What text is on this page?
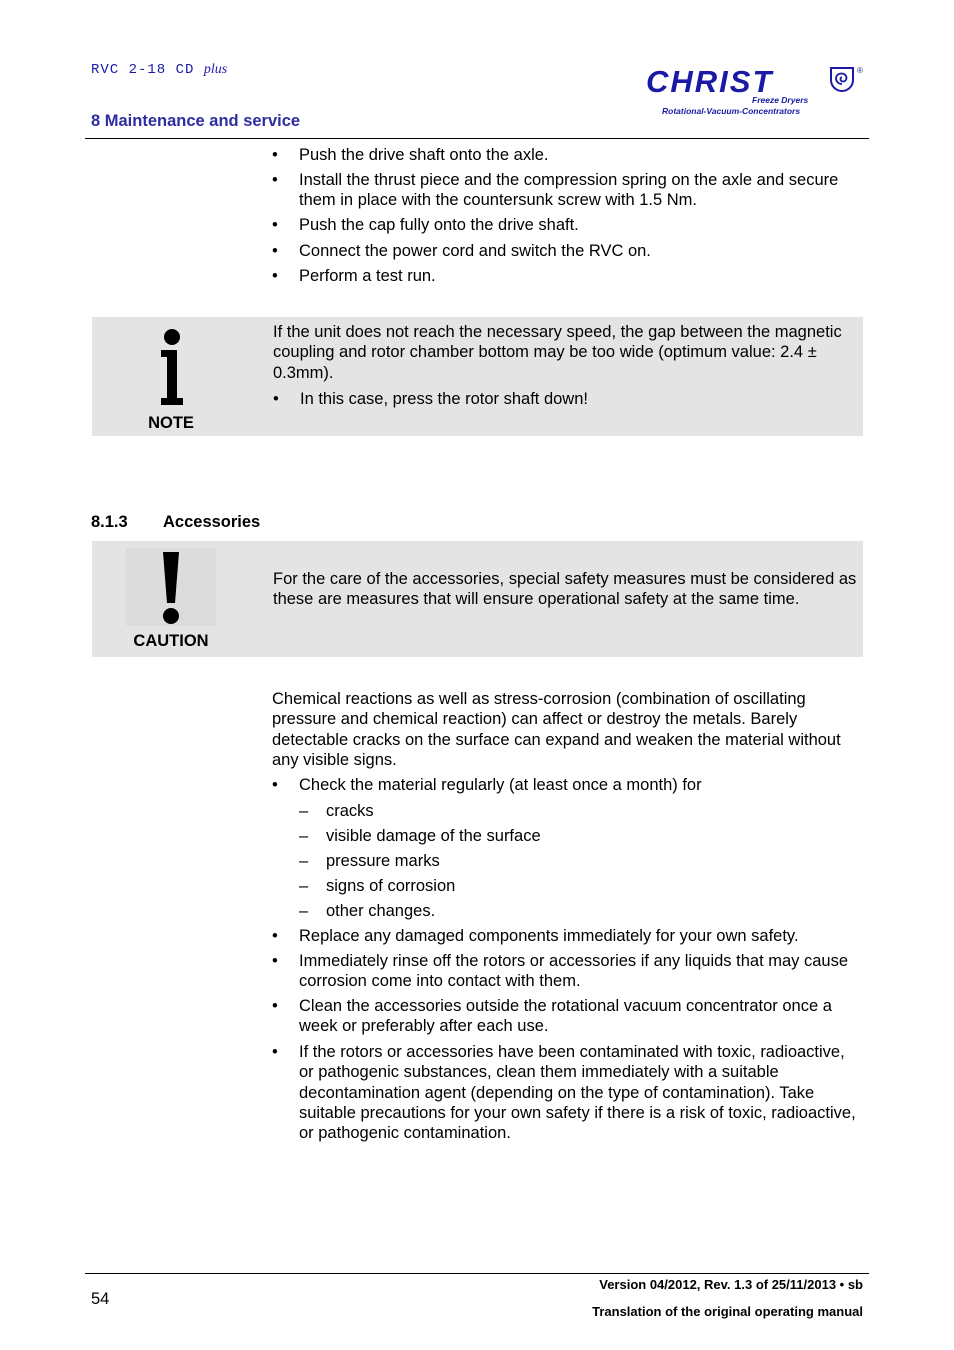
RVC 2-18 CD plus
8 Maintenance and service
CHRIST	®
Freeze Dryers
Rotational-Vacuum-Concentrators
• Push the drive shaft onto the axle.
• Install the thrust piece and the compression spring on the axle and secure them in place with the countersunk screw with 1.5 Nm.
• Push the cap fully onto the drive shaft.
• Connect the power cord and switch the RVC on.
• Perform a test run.
NOTE
If the unit does not reach the necessary speed, the gap between the magnetic coupling and rotor chamber bottom may be too wide (optimum value: 2.4 ± 0.3mm).
• In this case, press the rotor shaft down!
8.1.3 Accessories
CAUTION
For the care of the accessories, special safety measures must be considered as these are measures that will ensure operational safety at the same time.
Chemical reactions as well as stress-corrosion (combination of oscillating pressure and chemical reaction) can affect or destroy the metals. Barely detectable cracks on the surface can expand and weaken the material without any visible signs.
• Check the material regularly (at least once a month) for
– cracks
– visible damage of the surface
– pressure marks
– signs of corrosion
– other changes.
• Replace any damaged components immediately for your own safety.
• Immediately rinse off the rotors or accessories if any liquids that may cause corrosion come into contact with them.
• Clean the accessories outside the rotational vacuum concentrator once a week or preferably after each use.
• If the rotors or accessories have been contaminated with toxic, radioactive, or pathogenic substances, clean them immediately with a suitable decontamination agent (depending on the type of contamination). Take suitable precautions for your own safety if there is a risk of toxic, radioactive, or pathogenic contamination.
54
Version 04/2012, Rev. 1.3 of 25/11/2013 • sb
Translation of the original operating manual
